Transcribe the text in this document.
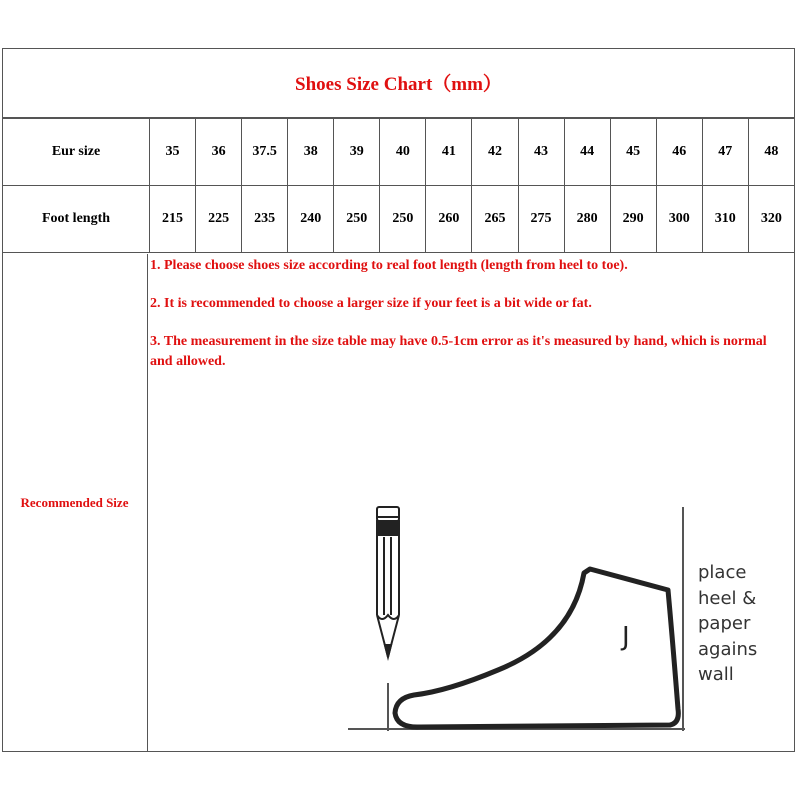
Shoes Size Chart（mm）
Eur size	35	36	37.5	38	39	40	41	42	43	44	45	46	47	48
Foot length	215	225	235	240	250	250	260	265	275	280	290	300	310	320
Recommended Size

1. Please choose shoes size according to real foot length (length from heel to toe).

2. It is recommended to choose a larger size if your feet is a bit wide or fat.

3. The measurement in the size table may have 0.5-1cm error as it's measured by hand, which is normal and allowed.

J
place
heel &
paper
agains
wall
